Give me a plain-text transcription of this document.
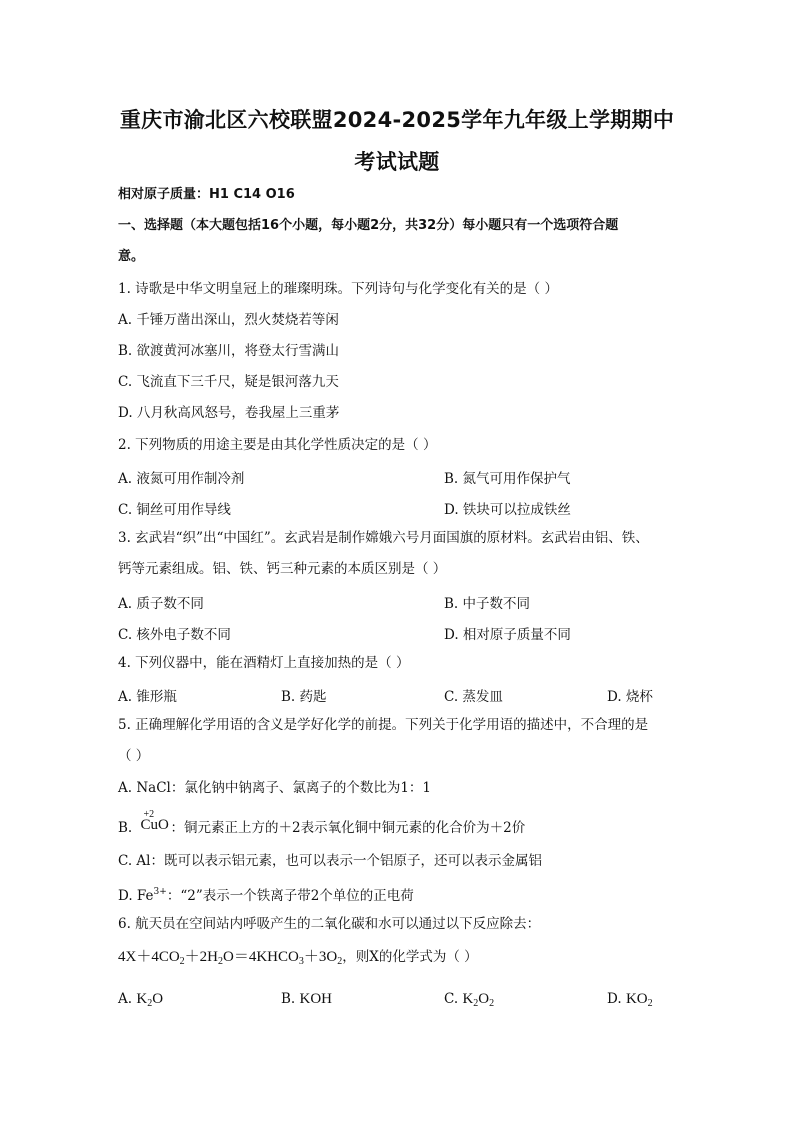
重庆市渝北区六校联盟2024-2025学年九年级上学期期中
考试试题
相对原子质量：H1 C14 O16
一、选择题（本大题包括16个小题，每小题2分，共32分）每小题只有一个选项符合题
意。
1. 诗歌是中华文明皇冠上的璀璨明珠。下列诗句与化学变化有关的是（ ）
A. 千锤万凿出深山，烈火焚烧若等闲
B. 欲渡黄河冰塞川，将登太行雪满山
C. 飞流直下三千尺，疑是银河落九天
D. 八月秋高风怒号，卷我屋上三重茅
2. 下列物质的用途主要是由其化学性质决定的是（ ）
A. 液氮可用作制冷剂	B. 氮气可用作保护气
C. 铜丝可用作导线	D. 铁块可以拉成铁丝
3. 玄武岩“织”出“中国红”。玄武岩是制作嫦娥六号月面国旗的原材料。玄武岩由铝、铁、
钙等元素组成。铝、铁、钙三种元素的本质区别是（ ）
A. 质子数不同	B. 中子数不同
C. 核外电子数不同	D. 相对原子质量不同
4. 下列仪器中，能在酒精灯上直接加热的是（ ）
A. 锥形瓶	B. 药匙	C. 蒸发皿	D. 烧杯
5. 正确理解化学用语的含义是学好化学的前提。下列关于化学用语的描述中，不合理的是
（ ）
A. NaCl：氯化钠中钠离子、氯离子的个数比为1：1
B.
+2
CuO ：铜元素正上方的＋2表示氧化铜中铜元素的化合价为＋2价
C. Al：既可以表示铝元素，也可以表示一个铝原子，还可以表示金属铝
D. $Fe^{3+}$：“2”表示一个铁离子带2个单位的正电荷
6. 航天员在空间站内呼吸产生的二氧化碳和水可以通过以下反应除去：
$4X+4CO_2+2H_2O=4KHCO_3+3O_2$，则X的化学式为（ ）
A. $K_2O$	B. KOH	C. $K_2O_2$	D. $KO_2$
